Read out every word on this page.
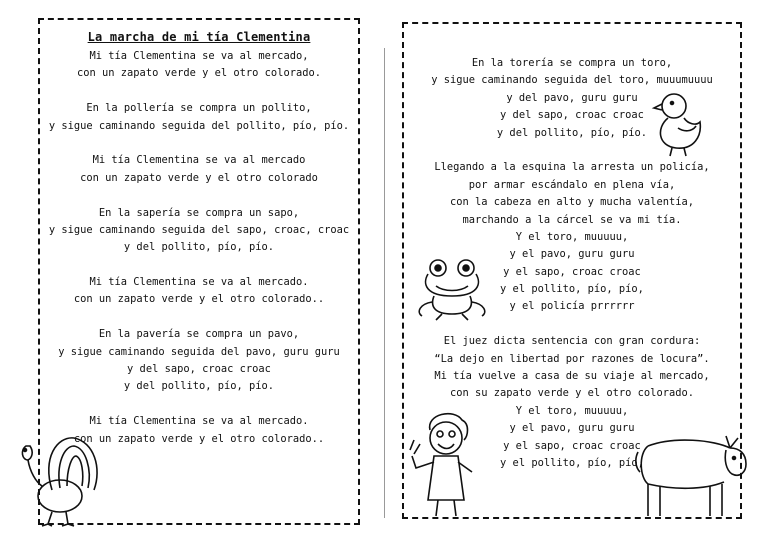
La marcha de mi tía Clementina
Mi tía Clementina se va al mercado,
con un zapato verde y el otro colorado.
En la pollería se compra un pollito,
y sigue caminando seguida del pollito, pío, pío.
Mi tía Clementina se va al mercado
con un zapato verde y el otro colorado
En la sapería se compra un sapo,
y sigue caminando seguida del sapo, croac, croac
y del pollito, pío, pío.
Mi tía Clementina se va al mercado.
con un zapato verde y el otro colorado..
En la pavería se compra un pavo,
y sigue caminando seguida del pavo, guru guru
y del sapo, croac croac
y del pollito, pío, pío.
Mi tía Clementina se va al mercado.
con un zapato verde y el otro colorado..
En la torería se compra un toro,
y sigue caminando seguida del toro, muuumuuuu
y del pavo, guru guru
y del sapo, croac croac
y del pollito, pío, pío.
Llegando a la esquina la arresta un policía,
por armar escándalo en plena vía,
con la cabeza en alto y mucha valentía,
marchando a la cárcel se va mi tía.
Y el toro, muuuuu,
y el pavo, guru guru
y el sapo, croac croac
y el pollito, pío, pío,
y el policía prrrrrr
El juez dicta sentencia con gran cordura:
“La dejo en libertad por razones de locura”.
Mi tía vuelve a casa de su viaje al mercado,
con su zapato verde y el otro colorado.
Y el toro, muuuuu,
y el pavo, guru guru
y el sapo, croac croac
y el pollito, pío, pío,
